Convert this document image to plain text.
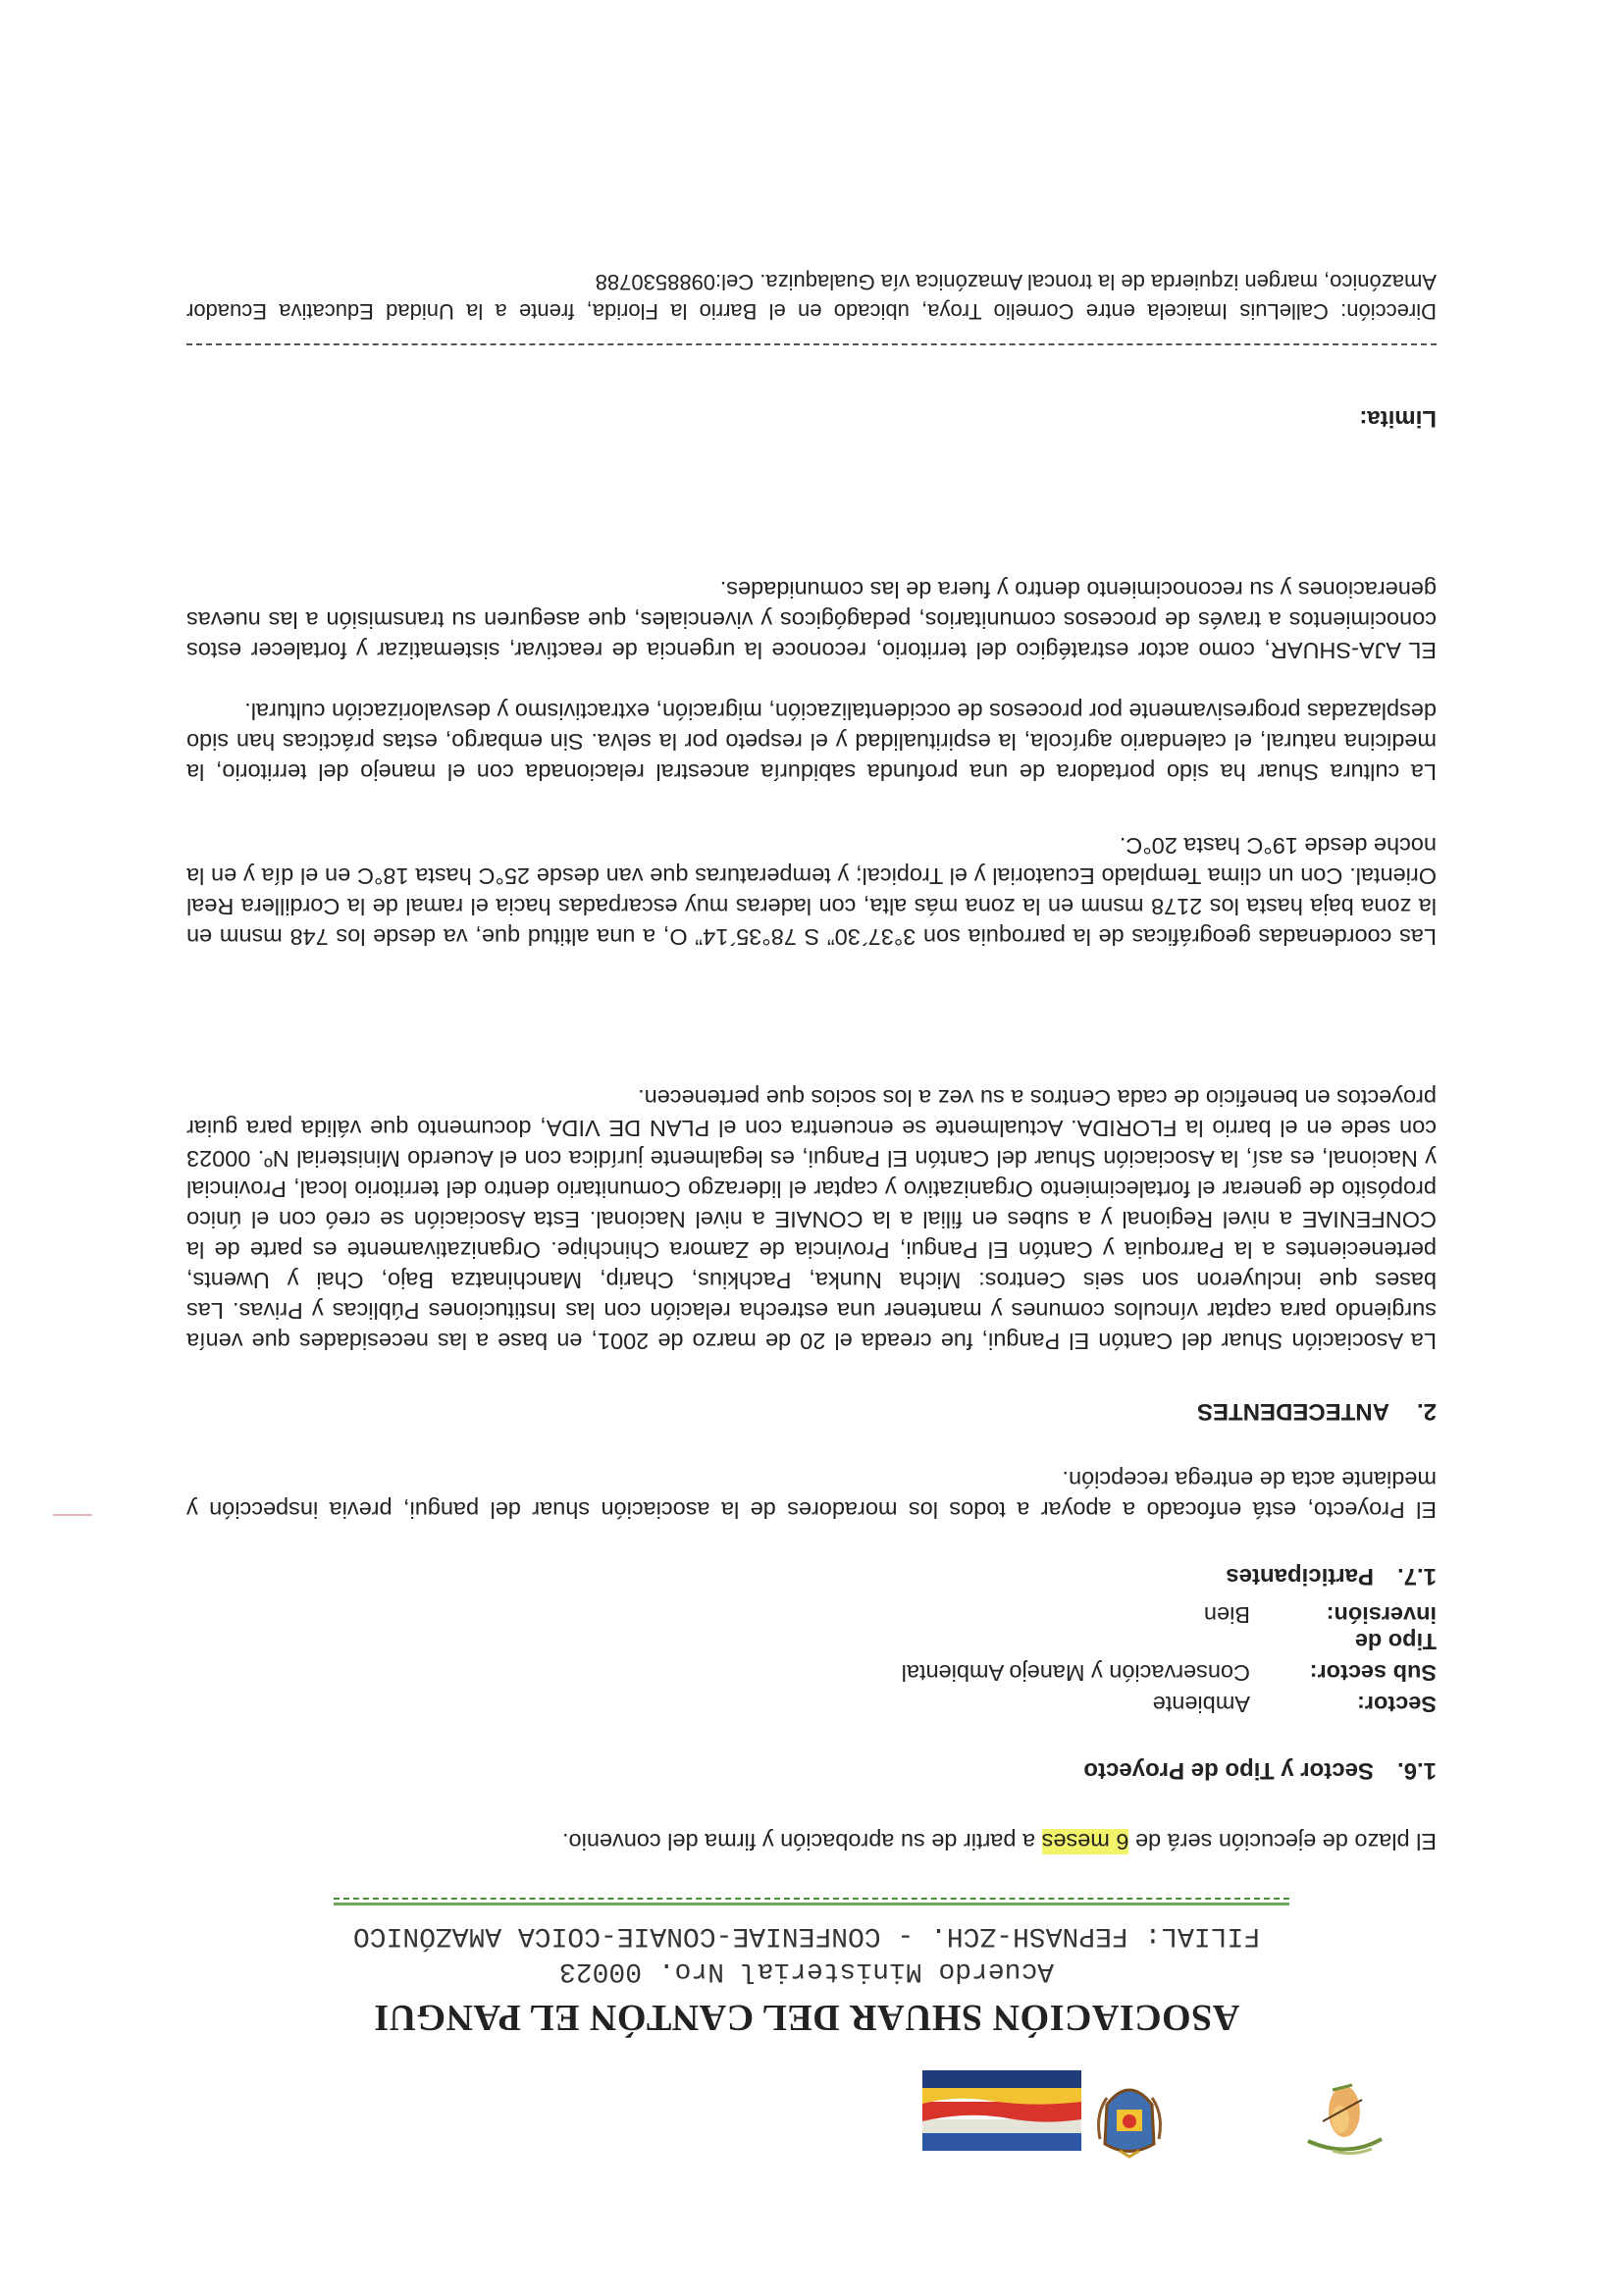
ASOCIACIÓN SHUAR DEL CANTÓN EL PANGUI
Acuerdo Ministerial Nro. 00023
FILIAL: FEPNASH-ZCH. - CONFENIAE-CONAIE-COICA AMAZÓNICO
El plazo de ejecución será de 6 meses a partir de su aprobación y firma del convenio.
1.6.Sector y Tipo de Proyecto
Sector:Ambiente
Sub sector:Conservación y Manejo Ambiental
Tipo de inversión:Bien
1.7.Participantes
El Proyecto, está enfocado a apoyar a todos los moradores de la asociación shuar del pangui, previa inspección y mediante acta de entrega recepción.
2.ANTECEDENTES
La Asociación Shuar del Cantón El Pangui, fue creada el 20 de marzo de 2001, en base a las necesidades que venía surgiendo para captar vínculos comunes y mantener una estrecha relación con las Instituciones Públicas y Privas. Las bases que incluyeron son seis Centros: Micha Nunka, Pachkius, Charip, Manchinatza Bajo, Chai y Uwents, pertenecientes a la Parroquia y Cantón El Pangui, Provincia de Zamora Chinchipe. Organizativamente es parte de la CONFENIAE a nivel Regional y a subes en filial a la CONAIE a nivel Nacional. Esta Asociación se creó con el único propósito de generar el fortalecimiento Organizativo y captar el liderazgo Comunitario dentro del territorio local, Provincial y Nacional, es así, la Asociación Shuar del Cantón El Pangui, es legalmente jurídica con el Acuerdo Ministerial Nº. 00023 con sede en el barrio la FLORIDA. Actualmente se encuentra con el PLAN DE VIDA, documento que válida para guiar proyectos en beneficio de cada Centros a su vez a los socios que pertenecen.
Las coordenadas geográficas de la parroquia son 3°37´30” S 78°35´14” O, a una altitud que, va desde los 748 msnm en la zona baja hasta los 2178 msnm en la zona más alta, con laderas muy escarpadas hacia el ramal de la Cordillera Real Oriental. Con un clima Templado Ecuatorial y el Tropical; y temperaturas que van desde 25°C hasta 18°C en el día y en la noche desde 19°C hasta 20°C.
La cultura Shuar ha sido portadora de una profunda sabiduría ancestral relacionada con el manejo del territorio, la medicina natural, el calendario agrícola, la espiritualidad y el respeto por la selva. Sin embargo, estas prácticas han sido desplazadas progresivamente por procesos de occidentalización, migración, extractivismo y desvalorización cultural.
EL AJA-SHUAR, como actor estratégico del territorio, reconoce la urgencia de reactivar, sistematizar y fortalecer estos conocimientos a través de procesos comunitarios, pedagógicos y vivenciales, que aseguren su transmisión a las nuevas generaciones y su reconocimiento dentro y fuera de las comunidades.
Limita:
Dirección: CalleLuis Imaicela entre Cornelio Troya, ubicado en el Barrio la Florida, frente a la Unidad Educativa Ecuador Amazónico, margen izquierda de la troncal Amazónica vía Gualaquiza. Cel:0988530788
